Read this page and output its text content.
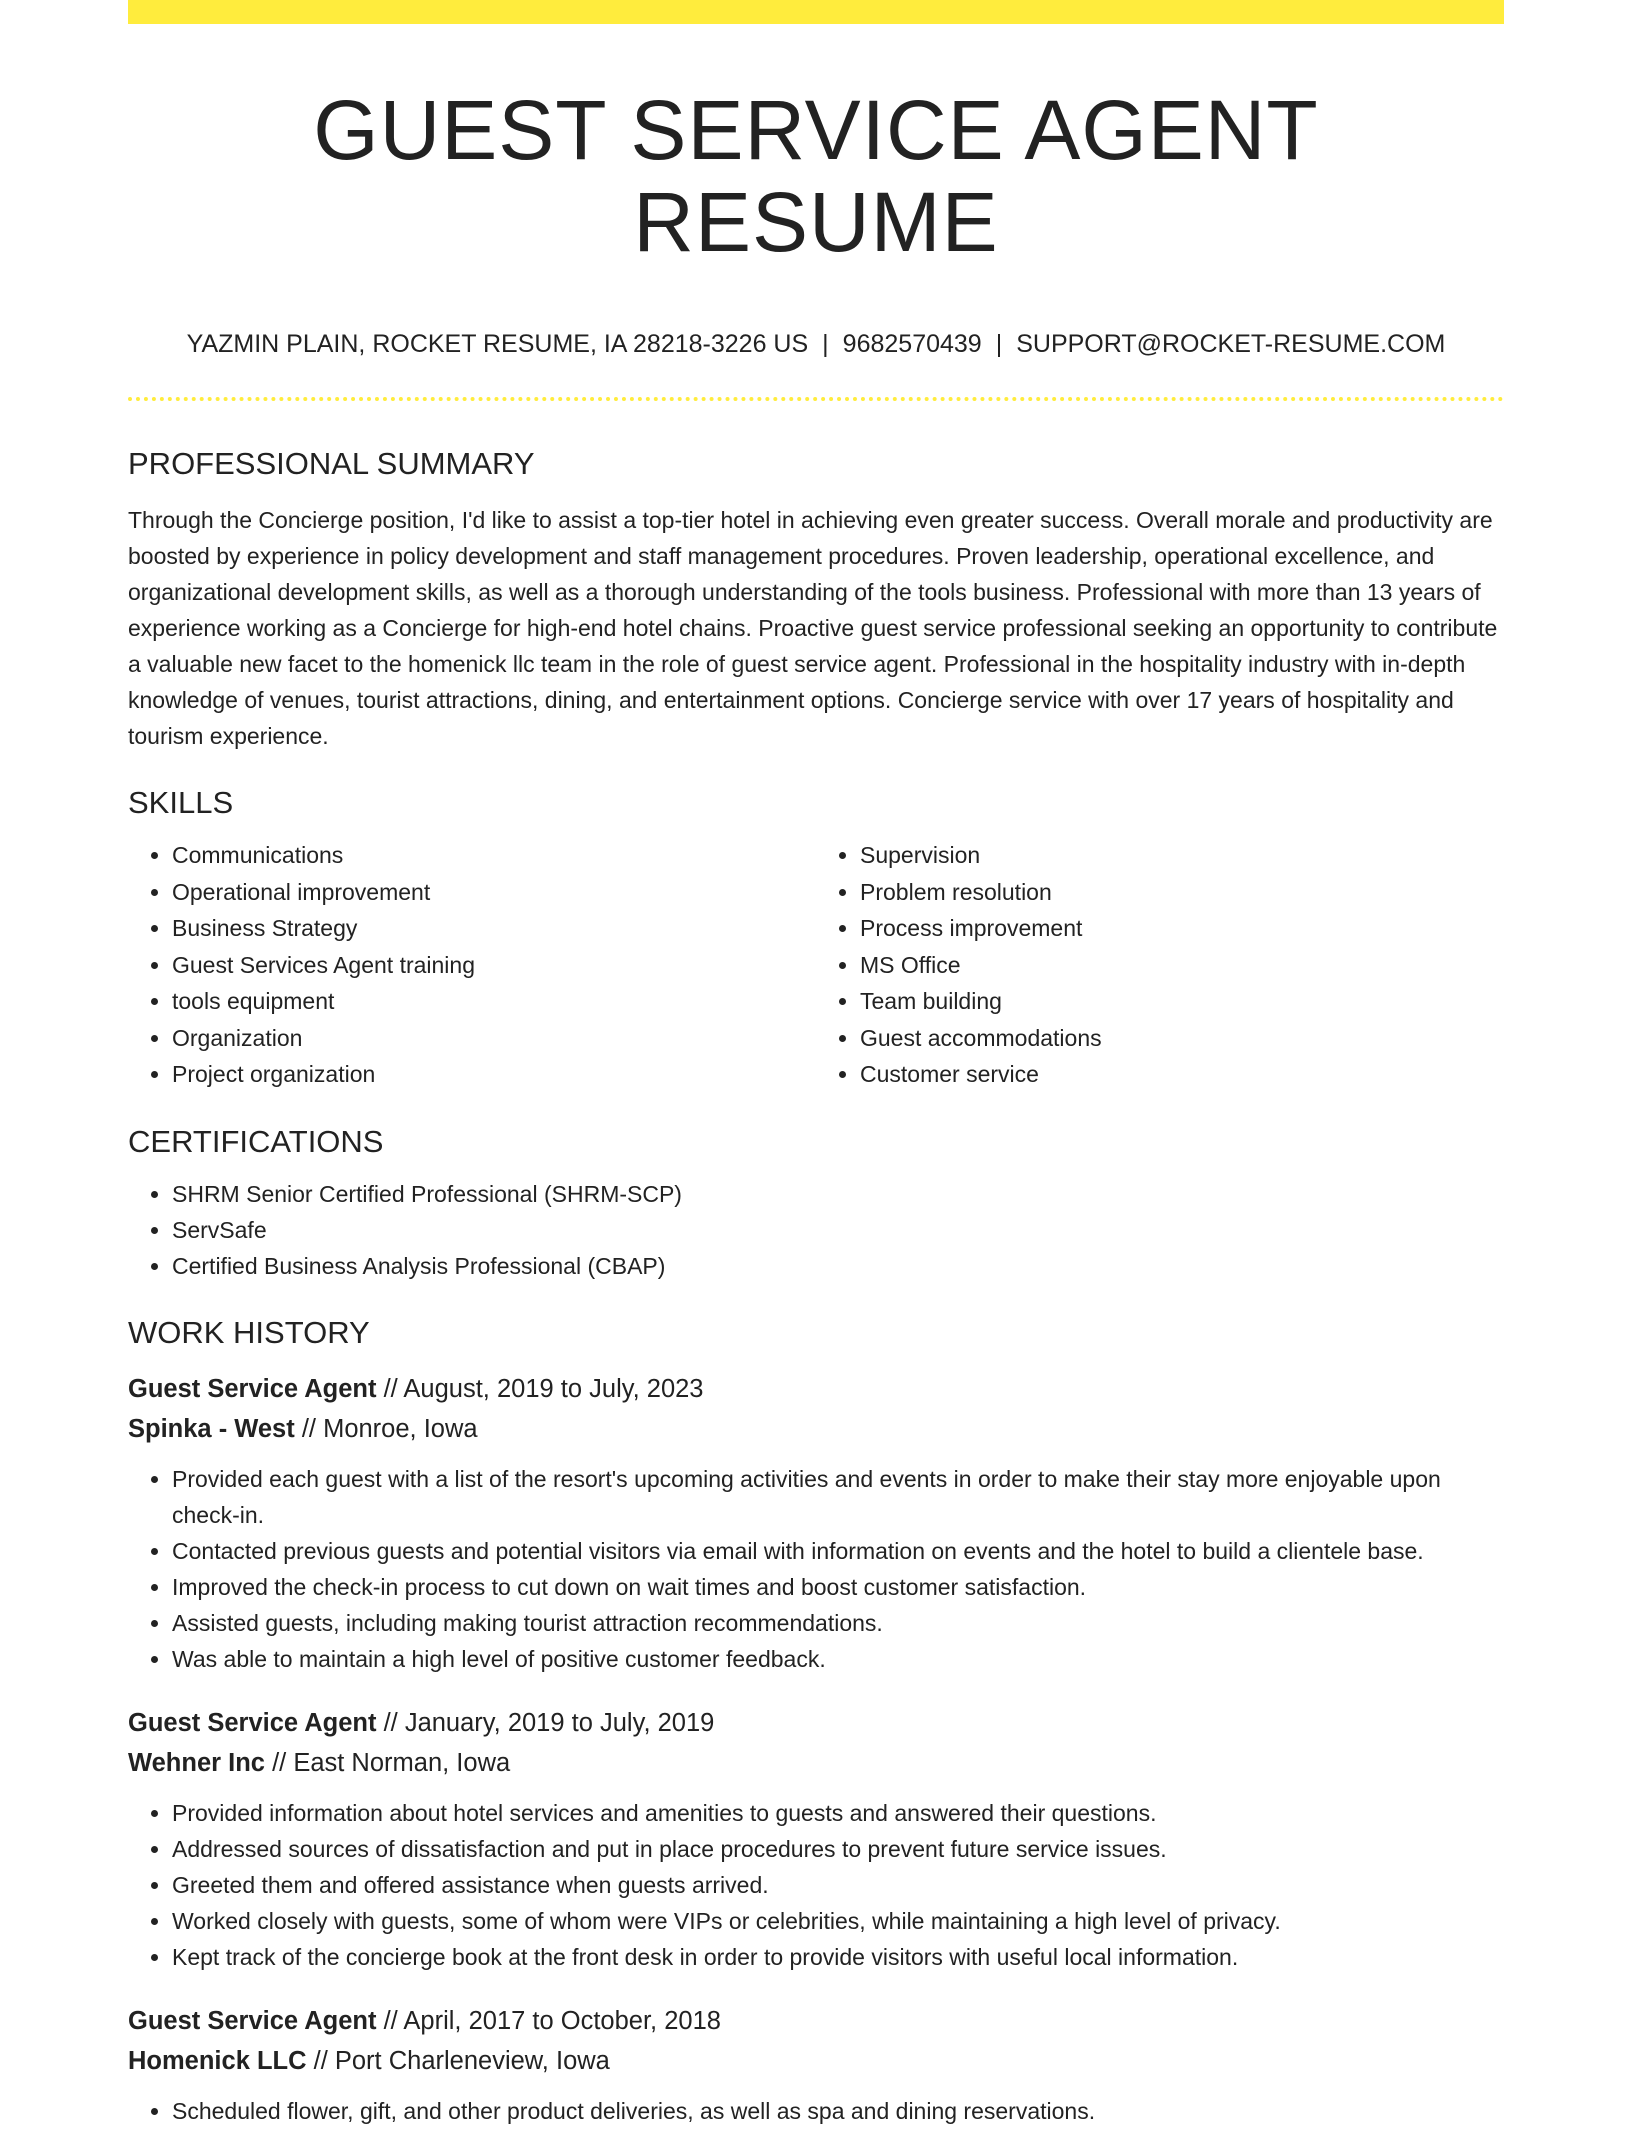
GUEST SERVICE AGENT RESUME
YAZMIN PLAIN, ROCKET RESUME, IA 28218-3226 US | 9682570439 | SUPPORT@ROCKET-RESUME.COM
PROFESSIONAL SUMMARY
Through the Concierge position, I'd like to assist a top-tier hotel in achieving even greater success. Overall morale and productivity are boosted by experience in policy development and staff management procedures. Proven leadership, operational excellence, and organizational development skills, as well as a thorough understanding of the tools business. Professional with more than 13 years of experience working as a Concierge for high-end hotel chains. Proactive guest service professional seeking an opportunity to contribute a valuable new facet to the homenick llc team in the role of guest service agent. Professional in the hospitality industry with in-depth knowledge of venues, tourist attractions, dining, and entertainment options. Concierge service with over 17 years of hospitality and tourism experience.
SKILLS
• Communications
• Operational improvement
• Business Strategy
• Guest Services Agent training
• tools equipment
• Organization
• Project organization
• Supervision
• Problem resolution
• Process improvement
• MS Office
• Team building
• Guest accommodations
• Customer service
CERTIFICATIONS
• SHRM Senior Certified Professional (SHRM-SCP)
• ServSafe
• Certified Business Analysis Professional (CBAP)
WORK HISTORY
Guest Service Agent // August, 2019 to July, 2023
Spinka - West // Monroe, Iowa
• Provided each guest with a list of the resort's upcoming activities and events in order to make their stay more enjoyable upon check-in.
• Contacted previous guests and potential visitors via email with information on events and the hotel to build a clientele base.
• Improved the check-in process to cut down on wait times and boost customer satisfaction.
• Assisted guests, including making tourist attraction recommendations.
• Was able to maintain a high level of positive customer feedback.
Guest Service Agent // January, 2019 to July, 2019
Wehner Inc // East Norman, Iowa
• Provided information about hotel services and amenities to guests and answered their questions.
• Addressed sources of dissatisfaction and put in place procedures to prevent future service issues.
• Greeted them and offered assistance when guests arrived.
• Worked closely with guests, some of whom were VIPs or celebrities, while maintaining a high level of privacy.
• Kept track of the concierge book at the front desk in order to provide visitors with useful local information.
Guest Service Agent // April, 2017 to October, 2018
Homenick LLC // Port Charleneview, Iowa
• Scheduled flower, gift, and other product deliveries, as well as spa and dining reservations.
